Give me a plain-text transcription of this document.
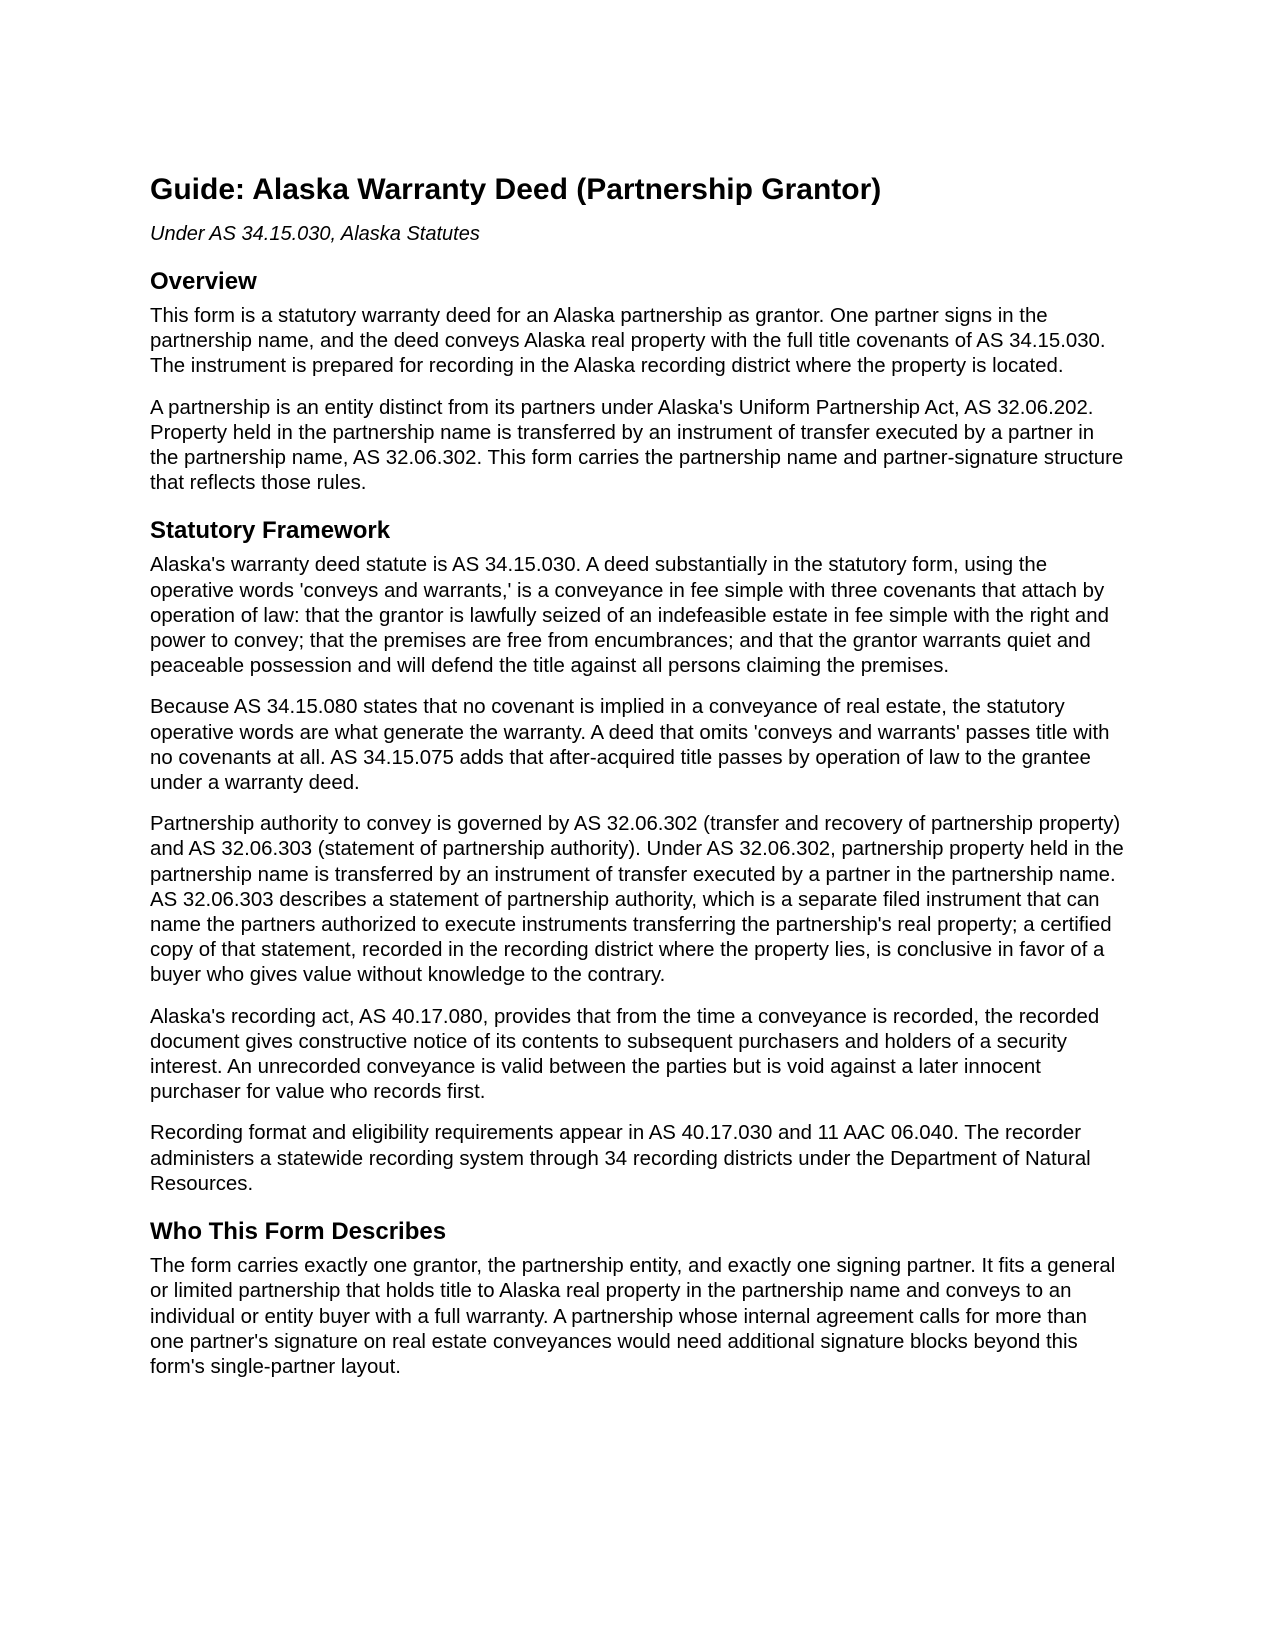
Guide: Alaska Warranty Deed (Partnership Grantor)
Under AS 34.15.030, Alaska Statutes
Overview

This form is a statutory warranty deed for an Alaska partnership as grantor. One partner signs in the partnership name, and the deed conveys Alaska real property with the full title covenants of AS 34.15.030. The instrument is prepared for recording in the Alaska recording district where the property is located.

A partnership is an entity distinct from its partners under Alaska's Uniform Partnership Act, AS 32.06.202. Property held in the partnership name is transferred by an instrument of transfer executed by a partner in the partnership name, AS 32.06.302. This form carries the partnership name and partner-signature structure that reflects those rules.

Statutory Framework

Alaska's warranty deed statute is AS 34.15.030. A deed substantially in the statutory form, using the operative words 'conveys and warrants,' is a conveyance in fee simple with three covenants that attach by operation of law: that the grantor is lawfully seized of an indefeasible estate in fee simple with the right and power to convey; that the premises are free from encumbrances; and that the grantor warrants quiet and peaceable possession and will defend the title against all persons claiming the premises.

Because AS 34.15.080 states that no covenant is implied in a conveyance of real estate, the statutory operative words are what generate the warranty. A deed that omits 'conveys and warrants' passes title with no covenants at all. AS 34.15.075 adds that after-acquired title passes by operation of law to the grantee under a warranty deed.

Partnership authority to convey is governed by AS 32.06.302 (transfer and recovery of partnership property) and AS 32.06.303 (statement of partnership authority). Under AS 32.06.302, partnership property held in the partnership name is transferred by an instrument of transfer executed by a partner in the partnership name. AS 32.06.303 describes a statement of partnership authority, which is a separate filed instrument that can name the partners authorized to execute instruments transferring the partnership's real property; a certified copy of that statement, recorded in the recording district where the property lies, is conclusive in favor of a buyer who gives value without knowledge to the contrary.

Alaska's recording act, AS 40.17.080, provides that from the time a conveyance is recorded, the recorded document gives constructive notice of its contents to subsequent purchasers and holders of a security interest. An unrecorded conveyance is valid between the parties but is void against a later innocent purchaser for value who records first.

Recording format and eligibility requirements appear in AS 40.17.030 and 11 AAC 06.040. The recorder administers a statewide recording system through 34 recording districts under the Department of Natural Resources.

Who This Form Describes

The form carries exactly one grantor, the partnership entity, and exactly one signing partner. It fits a general or limited partnership that holds title to Alaska real property in the partnership name and conveys to an individual or entity buyer with a full warranty. A partnership whose internal agreement calls for more than one partner's signature on real estate conveyances would need additional signature blocks beyond this form's single-partner layout.
